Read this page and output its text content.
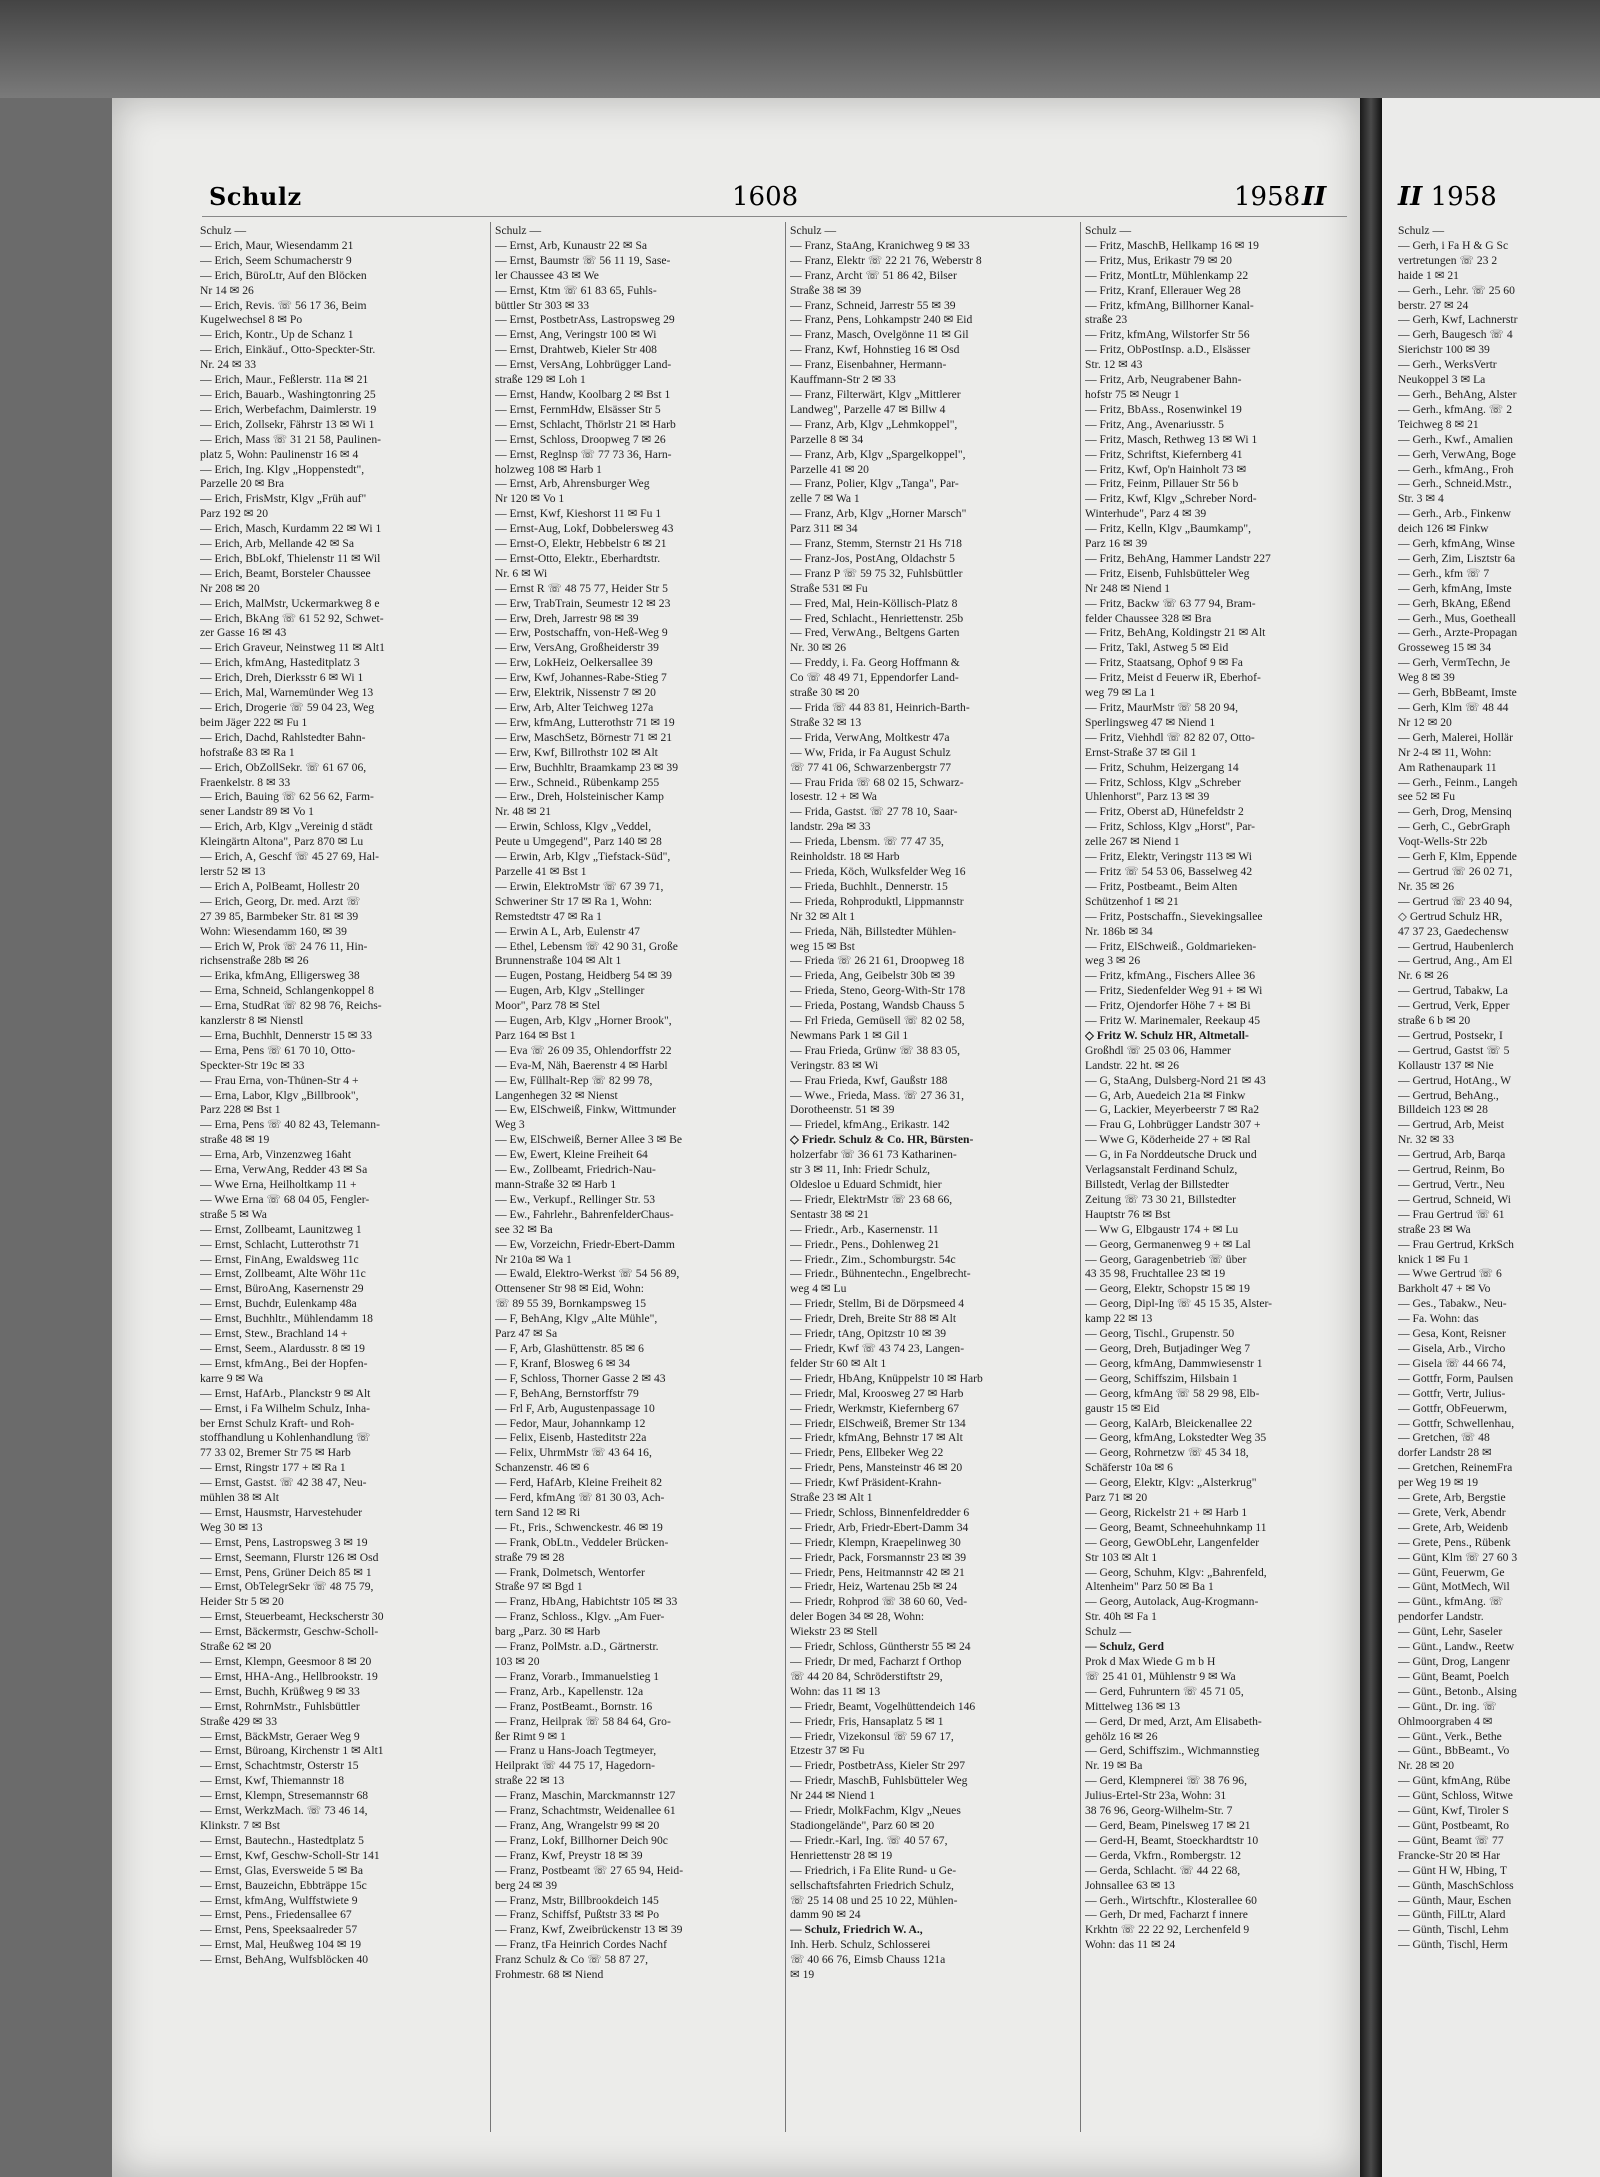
Schulz	1608	1958 II
Schulz —
— Erich, Maur, Wiesendamm 21
— Erich, Seem Schumacherstr 9
— Erich, BüroLtr, Auf den Blöcken
Nr 14 ✉ 26
— Erich, Revis. ☏ 56 17 36, Beim
Kugelwechsel 8 ✉ Po
— Erich, Kontr., Up de Schanz 1
— Erich, Einkäuf., Otto-Speckter-Str.
Nr. 24 ✉ 33
— Erich, Maur., Feßlerstr. 11a ✉ 21
— Erich, Bauarb., Washingtonring 25
— Erich, Werbefachm, Daimlerstr. 19
— Erich, Zollsekr, Fährstr 13 ✉ Wi 1
— Erich, Mass ☏ 31 21 58, Paulinen-
platz 5, Wohn: Paulinenstr 16 ✉ 4
— Erich, Ing. Klgv „Hoppenstedt",
Parzelle 20 ✉ Bra
— Erich, FrisMstr, Klgv „Früh auf"
Parz 192 ✉ 20
— Erich, Masch, Kurdamm 22 ✉ Wi 1
— Erich, Arb, Mellande 42 ✉ Sa
— Erich, BbLokf, Thielenstr 11 ✉ Wil
— Erich, Beamt, Borsteler Chaussee
Nr 208 ✉ 20
— Erich, MalMstr, Uckermarkweg 8 e
— Erich, BkAng ☏ 61 52 92, Schwet-
zer Gasse 16 ✉ 43
— Erich Graveur, Neinstweg 11 ✉ Alt1
— Erich, kfmAng, Hasteditplatz 3
— Erich, Dreh, Dierksstr 6 ✉ Wi 1
— Erich, Mal, Warnemünder Weg 13
— Erich, Drogerie ☏ 59 04 23, Weg
beim Jäger 222 ✉ Fu 1
— Erich, Dachd, Rahlstedter Bahn-
hofstraße 83 ✉ Ra 1
— Erich, ObZollSekr. ☏ 61 67 06,
Fraenkelstr. 8 ✉ 33
— Erich, Bauing ☏ 62 56 62, Farm-
sener Landstr 89 ✉ Vo 1
— Erich, Arb, Klgv „Vereinig d städt
Kleingärtn Altona", Parz 870 ✉ Lu
— Erich, A, Geschf ☏ 45 27 69, Hal-
lerstr 52 ✉ 13
— Erich A, PolBeamt, Hollestr 20
— Erich, Georg, Dr. med. Arzt ☏
27 39 85, Barmbeker Str. 81 ✉ 39
Wohn: Wiesendamm 160, ✉ 39
— Erich W, Prok ☏ 24 76 11, Hin-
richsenstraße 28b ✉ 26
— Erika, kfmAng, Elligersweg 38
— Erna, Schneid, Schlangenkoppel 8
— Erna, StudRat ☏ 82 98 76, Reichs-
kanzlerstr 8 ✉ Nienstl
— Erna, Buchhlt, Dennerstr 15 ✉ 33
— Erna, Pens ☏ 61 70 10, Otto-
Speckter-Str 19c ✉ 33
— Frau Erna, von-Thünen-Str 4 +
— Erna, Labor, Klgv „Billbrook",
Parz 228 ✉ Bst 1
— Erna, Pens ☏ 40 82 43, Telemann-
straße 48 ✉ 19
— Erna, Arb, Vinzenzweg 16aht
— Erna, VerwAng, Redder 43 ✉ Sa
— Wwe Erna, Heilholtkamp 11 +
— Wwe Erna ☏ 68 04 05, Fengler-
straße 5 ✉ Wa
— Ernst, Zollbeamt, Launitzweg 1
— Ernst, Schlacht, Lutterothstr 71
— Ernst, FinAng, Ewaldsweg 11c
— Ernst, Zollbeamt, Alte Wöhr 11c
— Ernst, BüroAng, Kasernenstr 29
— Ernst, Buchdr, Eulenkamp 48a
— Ernst, Buchhltr., Mühlendamm 18
— Ernst, Stew., Brachland 14 +
— Ernst, Seem., Alardusstr. 8 ✉ 19
— Ernst, kfmAng., Bei der Hopfen-
karre 9 ✉ Wa
— Ernst, HafArb., Planckstr 9 ✉ Alt
— Ernst, i Fa Wilhelm Schulz, Inha-
ber Ernst Schulz Kraft- und Roh-
stoffhandlung u Kohlenhandlung ☏
77 33 02, Bremer Str 75 ✉ Harb
— Ernst, Ringstr 177 + ✉ Ra 1
— Ernst, Gastst. ☏ 42 38 47, Neu-
mühlen 38 ✉ Alt
— Ernst, Hausmstr, Harvestehuder
Weg 30 ✉ 13
— Ernst, Pens, Lastropsweg 3 ✉ 19
— Ernst, Seemann, Flurstr 126 ✉ Osd
— Ernst, Pens, Grüner Deich 85 ✉ 1
— Ernst, ObTelegrSekr ☏ 48 75 79,
Heider Str 5 ✉ 20
— Ernst, Steuerbeamt, Heckscherstr 30
— Ernst, Bäckermstr, Geschw-Scholl-
Straße 62 ✉ 20
— Ernst, Klempn, Geesmoor 8 ✉ 20
— Ernst, HHA-Ang., Hellbrookstr. 19
— Ernst, Buchh, Krüßweg 9 ✉ 33
— Ernst, RohrnMstr., Fuhlsbüttler
Straße 429 ✉ 33
— Ernst, BäckMstr, Geraer Weg 9
— Ernst, Büroang, Kirchenstr 1 ✉ Alt1
— Ernst, Schachtmstr, Osterstr 15
— Ernst, Kwf, Thiemannstr 18
— Ernst, Klempn, Stresemannstr 68
— Ernst, WerkzMach. ☏ 73 46 14,
Klinkstr. 7 ✉ Bst
— Ernst, Bautechn., Hastedtplatz 5
— Ernst, Kwf, Geschw-Scholl-Str 141
— Ernst, Glas, Eversweide 5 ✉ Ba
— Ernst, Bauzeichn, Ebbträppe 15c
— Ernst, kfmAng, Wulffstwiete 9
— Ernst, Pens., Friedensallee 67
— Ernst, Pens, Speeksaalreder 57
— Ernst, Mal, Heußweg 104 ✉ 19
— Ernst, BehAng, Wulfsblöcken 40
Schulz —
— Ernst, Arb, Kunaustr 22 ✉ Sa
— Ernst, Baumstr ☏ 56 11 19, Sase-
ler Chaussee 43 ✉ We
— Ernst, Ktm ☏ 61 83 65, Fuhls-
büttler Str 303 ✉ 33
— Ernst, PostbetrAss, Lastropsweg 29
— Ernst, Ang, Veringstr 100 ✉ Wi
— Ernst, Drahtweb, Kieler Str 408
— Ernst, VersAng, Lohbrügger Land-
straße 129 ✉ Loh 1
— Ernst, Handw, Koolbarg 2 ✉ Bst 1
— Ernst, FernmHdw, Elsässer Str 5
— Ernst, Schlacht, Thörlstr 21 ✉ Harb
— Ernst, Schloss, Droopweg 7 ✉ 26
— Ernst, Reglnsp ☏ 77 73 36, Harn-
holzweg 108 ✉ Harb 1
— Ernst, Arb, Ahrensburger Weg
Nr 120 ✉ Vo 1
— Ernst, Kwf, Kieshorst 11 ✉ Fu 1
— Ernst-Aug, Lokf, Dobbelersweg 43
— Ernst-O, Elektr, Hebbelstr 6 ✉ 21
— Ernst-Otto, Elektr., Eberhardtstr.
Nr. 6 ✉ Wi
— Ernst R ☏ 48 75 77, Heider Str 5
— Erw, TrabTrain, Seumestr 12 ✉ 23
— Erw, Dreh, Jarrestr 98 ✉ 39
— Erw, Postschaffn, von-Heß-Weg 9
— Erw, VersAng, Großheiderstr 39
— Erw, LokHeiz, Oelkersallee 39
— Erw, Kwf, Johannes-Rabe-Stieg 7
— Erw, Elektrik, Nissenstr 7 ✉ 20
— Erw, Arb, Alter Teichweg 127a
— Erw, kfmAng, Lutterothstr 71 ✉ 19
— Erw, MaschSetz, Börnestr 71 ✉ 21
— Erw, Kwf, Billrothstr 102 ✉ Alt
— Erw, Buchhltr, Braamkamp 23 ✉ 39
— Erw., Schneid., Rübenkamp 255
— Erw., Dreh, Holsteinischer Kamp
Nr. 48 ✉ 21
— Erwin, Schloss, Klgv „Veddel,
Peute u Umgegend", Parz 140 ✉ 28
— Erwin, Arb, Klgv „Tiefstack-Süd",
Parzelle 41 ✉ Bst 1
— Erwin, ElektroMstr ☏ 67 39 71,
Schweriner Str 17 ✉ Ra 1, Wohn:
Remstedtstr 47 ✉ Ra 1
— Erwin A L, Arb, Eulenstr 47
— Ethel, Lebensm ☏ 42 90 31, Große
Brunnenstraße 104 ✉ Alt 1
— Eugen, Postang, Heidberg 54 ✉ 39
— Eugen, Arb, Klgv „Stellinger
Moor", Parz 78 ✉ Stel
— Eugen, Arb, Klgv „Horner Brook",
Parz 164 ✉ Bst 1
— Eva ☏ 26 09 35, Ohlendorffstr 22
— Eva-M, Näh, Baerenstr 4 ✉ Harbl
— Ew, Füllhalt-Rep ☏ 82 99 78,
Langenhegen 32 ✉ Nienst
— Ew, ElSchweiß, Finkw, Wittmunder
Weg 3
— Ew, ElSchweiß, Berner Allee 3 ✉ Be
— Ew, Ewert, Kleine Freiheit 64
— Ew., Zollbeamt, Friedrich-Nau-
mann-Straße 32 ✉ Harb 1
— Ew., Verkupf., Rellinger Str. 53
— Ew., Fahrlehr., BahrenfelderChaus-
see 32 ✉ Ba
— Ew, Vorzeichn, Friedr-Ebert-Damm
Nr 210a ✉ Wa 1
— Ewald, Elektro-Werkst ☏ 54 56 89,
Ottensener Str 98 ✉ Eid, Wohn:
☏ 89 55 39, Bornkampsweg 15
— F, BehAng, Klgv „Alte Mühle",
Parz 47 ✉ Sa
— F, Arb, Glashüttenstr. 85 ✉ 6
— F, Kranf, Blosweg 6 ✉ 34
— F, Schloss, Thorner Gasse 2 ✉ 43
— F, BehAng, Bernstorffstr 79
— Frl F, Arb, Augustenpassage 10
— Fedor, Maur, Johannkamp 12
— Felix, Eisenb, Hasteditstr 22a
— Felix, UhrmMstr ☏ 43 64 16,
Schanzenstr. 46 ✉ 6
— Ferd, HafArb, Kleine Freiheit 82
— Ferd, kfmAng ☏ 81 30 03, Ach-
tern Sand 12 ✉ Ri
— Ft., Fris., Schwenckestr. 46 ✉ 19
— Frank, ObLtn., Veddeler Brücken-
straße 79 ✉ 28
— Frank, Dolmetsch, Wentorfer
Straße 97 ✉ Bgd 1
— Franz, HbAng, Habichtstr 105 ✉ 33
— Franz, Schloss., Klgv. „Am Fuer-
barg „Parz. 30 ✉ Harb
— Franz, PolMstr. a.D., Gärtnerstr.
103 ✉ 20
— Franz, Vorarb., Immanuelstieg 1
— Franz, Arb., Kapellenstr. 12a
— Franz, PostBeamt., Bornstr. 16
— Franz, Heilprak ☏ 58 84 64, Gro-
ßer Rimt 9 ✉ 1
— Franz u Hans-Joach Tegtmeyer,
Heilprakt ☏ 44 75 17, Hagedorn-
straße 22 ✉ 13
— Franz, Maschin, Marckmannstr 127
— Franz, Schachtmstr, Weidenallee 61
— Franz, Ang, Wrangelstr 99 ✉ 20
— Franz, Lokf, Billhorner Deich 90c
— Franz, Kwf, Preystr 18 ✉ 39
— Franz, Postbeamt ☏ 27 65 94, Heid-
berg 24 ✉ 39
— Franz, Mstr, Billbrookdeich 145
— Franz, Schiffsf, Pußtstr 33 ✉ Po
— Franz, Kwf, Zweibrückenstr 13 ✉ 39
— Franz, tFa Heinrich Cordes Nachf
Franz Schulz & Co ☏ 58 87 27,
Frohmestr. 68 ✉ Niend
Schulz —
— Franz, StaAng, Kranichweg 9 ✉ 33
— Franz, Elektr ☏ 22 21 76, Weberstr 8
— Franz, Archt ☏ 51 86 42, Bilser
Straße 38 ✉ 39
— Franz, Schneid, Jarrestr 55 ✉ 39
— Franz, Pens, Lohkampstr 240 ✉ Eid
— Franz, Masch, Ovelgönne 11 ✉ Gil
— Franz, Kwf, Hohnstieg 16 ✉ Osd
— Franz, Eisenbahner, Hermann-
Kauffmann-Str 2 ✉ 33
— Franz, Filterwärt, Klgv „Mittlerer
Landweg", Parzelle 47 ✉ Billw 4
— Franz, Arb, Klgv „Lehmkoppel",
Parzelle 8 ✉ 34
— Franz, Arb, Klgv „Spargelkoppel",
Parzelle 41 ✉ 20
— Franz, Polier, Klgv „Tanga", Par-
zelle 7 ✉ Wa 1
— Franz, Arb, Klgv „Horner Marsch"
Parz 311 ✉ 34
— Franz, Stemm, Sternstr 21 Hs 718
— Franz-Jos, PostAng, Oldachstr 5
— Franz P ☏ 59 75 32, Fuhlsbüttler
Straße 531 ✉ Fu
— Fred, Mal, Hein-Köllisch-Platz 8
— Fred, Schlacht., Henriettenstr. 25b
— Fred, VerwAng., Beltgens Garten
Nr. 30 ✉ 26
— Freddy, i. Fa. Georg Hoffmann &
Co ☏ 48 49 71, Eppendorfer Land-
straße 30 ✉ 20
— Frida ☏ 44 83 81, Heinrich-Barth-
Straße 32 ✉ 13
— Frida, VerwAng, Moltkestr 47a
— Ww, Frida, ir Fa August Schulz
☏ 77 41 06, Schwarzenbergstr 77
— Frau Frida ☏ 68 02 15, Schwarz-
losestr. 12 + ✉ Wa
— Frida, Gastst. ☏ 27 78 10, Saar-
landstr. 29a ✉ 33
— Frieda, Lbensm. ☏ 77 47 35,
Reinholdstr. 18 ✉ Harb
— Frieda, Köch, Wulksfelder Weg 16
— Frieda, Buchhlt., Dennerstr. 15
— Frieda, Rohproduktl, Lippmannstr
Nr 32 ✉ Alt 1
— Frieda, Näh, Billstedter Mühlen-
weg 15 ✉ Bst
— Frieda ☏ 26 21 61, Droopweg 18
— Frieda, Ang, Geibelstr 30b ✉ 39
— Frieda, Steno, Georg-With-Str 178
— Frieda, Postang, Wandsb Chauss 5
— Frl Frieda, Gemüsell ☏ 82 02 58,
Newmans Park 1 ✉ Gil 1
— Frau Frieda, Grünw ☏ 38 83 05,
Veringstr. 83 ✉ Wi
— Frau Frieda, Kwf, Gaußstr 188
— Wwe., Frieda, Mass. ☏ 27 36 31,
Dorotheenstr. 51 ✉ 39
— Friedel, kfmAng., Erikastr. 142
◇ Friedr. Schulz & Co. HR, Bürsten-
holzerfabr ☏ 36 61 73 Katharinen-
str 3 ✉ 11, Inh: Friedr Schulz,
Oldesloe u Eduard Schmidt, hier
— Friedr, ElektrMstr ☏ 23 68 66,
Sentastr 38 ✉ 21
— Friedr., Arb., Kasernenstr. 11
— Friedr., Pens., Dohlenweg 21
— Friedr., Zim., Schomburgstr. 54c
— Friedr., Bühnentechn., Engelbrecht-
weg 4 ✉ Lu
— Friedr, Stellm, Bi de Dörpsmeed 4
— Friedr, Dreh, Breite Str 88 ✉ Alt
— Friedr, tAng, Opitzstr 10 ✉ 39
— Friedr, Kwf ☏ 43 74 23, Langen-
felder Str 60 ✉ Alt 1
— Friedr, HbAng, Knüppelstr 10 ✉ Harb
— Friedr, Mal, Kroosweg 27 ✉ Harb
— Friedr, Werkmstr, Kiefernberg 67
— Friedr, ElSchweiß, Bremer Str 134
— Friedr, kfmAng, Behnstr 17 ✉ Alt
— Friedr, Pens, Ellbeker Weg 22
— Friedr, Pens, Mansteinstr 46 ✉ 20
— Friedr, Kwf Präsident-Krahn-
Straße 23 ✉ Alt 1
— Friedr, Schloss, Binnenfeldredder 6
— Friedr, Arb, Friedr-Ebert-Damm 34
— Friedr, Klempn, Kraepelinweg 30
— Friedr, Pack, Forsmannstr 23 ✉ 39
— Friedr, Pens, Heitmannstr 42 ✉ 21
— Friedr, Heiz, Wartenau 25b ✉ 24
— Friedr, Rohprod ☏ 38 60 60, Ved-
deler Bogen 34 ✉ 28, Wohn:
Wiekstr 23 ✉ Stell
— Friedr, Schloss, Güntherstr 55 ✉ 24
— Friedr, Dr med, Facharzt f Orthop
☏ 44 20 84, Schröderstiftstr 29,
Wohn: das 11 ✉ 13
— Friedr, Beamt, Vogelhüttendeich 146
— Friedr, Fris, Hansaplatz 5 ✉ 1
— Friedr, Vizekonsul ☏ 59 67 17,
Etzestr 37 ✉ Fu
— Friedr, PostbetrAss, Kieler Str 297
— Friedr, MaschB, Fuhlsbütteler Weg
Nr 244 ✉ Niend 1
— Friedr, MolkFachm, Klgv „Neues
Stadiongelände", Parz 60 ✉ 20
— Friedr.-Karl, Ing. ☏ 40 57 67,
Henriettenstr 28 ✉ 19
— Friedrich, i Fa Elite Rund- u Ge-
sellschaftsfahrten Friedrich Schulz,
☏ 25 14 08 und 25 10 22, Mühlen-
damm 90 ✉ 24
— Schulz, Friedrich W. A.,
Inh. Herb. Schulz, Schlosserei
☏ 40 66 76, Eimsb Chauss 121a
✉ 19
Schulz —
— Fritz, MaschB, Hellkamp 16 ✉ 19
— Fritz, Mus, Erikastr 79 ✉ 20
— Fritz, MontLtr, Mühlenkamp 22
— Fritz, Kranf, Ellerauer Weg 28
— Fritz, kfmAng, Billhorner Kanal-
straße 23
— Fritz, kfmAng, Wilstorfer Str 56
— Fritz, ObPostInsp. a.D., Elsässer
Str. 12 ✉ 43
— Fritz, Arb, Neugrabener Bahn-
hofstr 75 ✉ Neugr 1
— Fritz, BbAss., Rosenwinkel 19
— Fritz, Ang., Avenariusstr. 5
— Fritz, Masch, Rethweg 13 ✉ Wi 1
— Fritz, Schriftst, Kiefernberg 41
— Fritz, Kwf, Op'n Hainholt 73 ✉
— Fritz, Feinm, Pillauer Str 56 b
— Fritz, Kwf, Klgv „Schreber Nord-
Winterhude", Parz 4 ✉ 39
— Fritz, Kelln, Klgv „Baumkamp",
Parz 16 ✉ 39
— Fritz, BehAng, Hammer Landstr 227
— Fritz, Eisenb, Fuhlsbütteler Weg
Nr 248 ✉ Niend 1
— Fritz, Backw ☏ 63 77 94, Bram-
felder Chaussee 328 ✉ Bra
— Fritz, BehAng, Koldingstr 21 ✉ Alt
— Fritz, Takl, Astweg 5 ✉ Eid
— Fritz, Staatsang, Ophof 9 ✉ Fa
— Fritz, Meist d Feuerw iR, Eberhof-
weg 79 ✉ La 1
— Fritz, MaurMstr ☏ 58 20 94,
Sperlingsweg 47 ✉ Niend 1
— Fritz, Viehhdl ☏ 82 82 07, Otto-
Ernst-Straße 37 ✉ Gil 1
— Fritz, Schuhm, Heizergang 14
— Fritz, Schloss, Klgv „Schreber
Uhlenhorst", Parz 13 ✉ 39
— Fritz, Oberst aD, Hünefeldstr 2
— Fritz, Schloss, Klgv „Horst", Par-
zelle 267 ✉ Niend 1
— Fritz, Elektr, Veringstr 113 ✉ Wi
— Fritz ☏ 54 53 06, Basselweg 42
— Fritz, Postbeamt., Beim Alten
Schützenhof 1 ✉ 21
— Fritz, Postschaffn., Sievekingsallee
Nr. 186b ✉ 34
— Fritz, ElSchweiß., Goldmarieken-
weg 3 ✉ 26
— Fritz, kfmAng., Fischers Allee 36
— Fritz, Siedenfelder Weg 91 + ✉ Wi
— Fritz, Ojendorfer Höhe 7 + ✉ Bi
— Fritz W. Marinemaler, Reekaup 45
◇ Fritz W. Schulz HR, Altmetall-
Großhdl ☏ 25 03 06, Hammer
Landstr. 22 ht. ✉ 26
— G, StaAng, Dulsberg-Nord 21 ✉ 43
— G, Arb, Auedeich 21a ✉ Finkw
— G, Lackier, Meyerbeerstr 7 ✉ Ra2
— Frau G, Lohbrügger Landstr 307 +
— Wwe G, Köderheide 27 + ✉ Ral
— G, in Fa Norddeutsche Druck und
Verlagsanstalt Ferdinand Schulz,
Billstedt, Verlag der Billstedter
Zeitung ☏ 73 30 21, Billstedter
Hauptstr 76 ✉ Bst
— Ww G, Elbgaustr 174 + ✉ Lu
— Georg, Germanenweg 9 + ✉ Lal
— Georg, Garagenbetrieb ☏ über
43 35 98, Fruchtallee 23 ✉ 19
— Georg, Elektr, Schopstr 15 ✉ 19
— Georg, Dipl-Ing ☏ 45 15 35, Alster-
kamp 22 ✉ 13
— Georg, Tischl., Grupenstr. 50
— Georg, Dreh, Butjadinger Weg 7
— Georg, kfmAng, Dammwiesenstr 1
— Georg, Schiffszim, Hilsbain 1
— Georg, kfmAng ☏ 58 29 98, Elb-
gaustr 15 ✉ Eid
— Georg, KalArb, Bleickenallee 22
— Georg, kfmAng, Lokstedter Weg 35
— Georg, Rohrnetzw ☏ 45 34 18,
Schäferstr 10a ✉ 6
— Georg, Elektr, Klgv: „Alsterkrug"
Parz 71 ✉ 20
— Georg, Rickelstr 21 + ✉ Harb 1
— Georg, Beamt, Schneehuhnkamp 11
— Georg, GewObLehr, Langenfelder
Str 103 ✉ Alt 1
— Georg, Schuhm, Klgv: „Bahrenfeld,
Altenheim" Parz 50 ✉ Ba 1
— Georg, Autolack, Aug-Krogmann-
Str. 40h ✉ Fa 1
Schulz —
— Schulz, Gerd
Prok d Max Wiede G m b H
☏ 25 41 01, Mühlenstr 9 ✉ Wa
— Gerd, Fuhruntern ☏ 45 71 05,
Mittelweg 136 ✉ 13
— Gerd, Dr med, Arzt, Am Elisabeth-
gehölz 16 ✉ 26
— Gerd, Schiffszim., Wichmannstieg
Nr. 19 ✉ Ba
— Gerd, Klempnerei ☏ 38 76 96,
Julius-Ertel-Str 23a, Wohn: 31
38 76 96, Georg-Wilhelm-Str. 7
— Gerd, Beam, Pinelsweg 17 ✉ 21
— Gerd-H, Beamt, Stoeckhardtstr 10
— Gerda, Vkfrn., Rombergstr. 12
— Gerda, Schlacht. ☏ 44 22 68,
Johnsallee 63 ✉ 13
— Gerh., Wirtschftr., Klosterallee 60
— Gerh, Dr med, Facharzt f innere
Krkhtn ☏ 22 22 92, Lerchenfeld 9
Wohn: das 11 ✉ 24
II 1958
Schulz —
— Gerh, i Fa H & G Sc
vertretungen ☏ 23 2
haide 1 ✉ 21
— Gerh., Lehr. ☏ 25 60
berstr. 27 ✉ 24
— Gerh, Kwf, Lachnerstr
— Gerh, Baugesch ☏ 4
Sierichstr 100 ✉ 39
— Gerh., WerksVertr
Neukoppel 3 ✉ La
— Gerh., BehAng, Alster
— Gerh., kfmAng. ☏ 2
Teichweg 8 ✉ 21
— Gerh., Kwf., Amalien
— Gerh, VerwAng, Boge
— Gerh., kfmAng., Froh
— Gerh., Schneid.Mstr.,
Str. 3 ✉ 4
— Gerh., Arb., Finkenw
deich 126 ✉ Finkw
— Gerh, kfmAng, Winse
— Gerh, Zim, Lisztstr 6a
— Gerh., kfm ☏ 7
— Gerh, kfmAng, Imste
— Gerh, BkAng, Eßend
— Gerh., Mus, Goetheall
— Gerh., Arzte-Propagan
Grosseweg 15 ✉ 34
— Gerh, VermTechn, Je
Weg 8 ✉ 39
— Gerh, BbBeamt, Imste
— Gerh, Klm ☏ 48 44
Nr 12 ✉ 20
— Gerh, Malerei, Hollär
Nr 2-4 ✉ 11, Wohn:
Am Rathenaupark 11
— Gerh., Feinm., Langeh
see 52 ✉ Fu
— Gerh, Drog, Mensinq
— Gerh, C., GebrGraph
Voqt-Wells-Str 22b
— Gerh F, Klm, Eppende
— Gertrud ☏ 26 02 71,
Nr. 35 ✉ 26
— Gertrud ☏ 23 40 94,
◇ Gertrud Schulz HR,
47 37 23, Gaedechensw
— Gertrud, Haubenlerch
— Gertrud, Ang., Am El
Nr. 6 ✉ 26
— Gertrud, Tabakw, La
— Gertrud, Verk, Epper
straße 6 b ✉ 20
— Gertrud, Postsekr, I
— Gertrud, Gastst ☏ 5
Kollaustr 137 ✉ Nie
— Gertrud, HotAng., W
— Gertrud, BehAng.,
Billdeich 123 ✉ 28
— Gertrud, Arb, Meist
Nr. 32 ✉ 33
— Gertrud, Arb, Barqa
— Gertrud, Reinm, Bo
— Gertrud, Vertr., Neu
— Gertrud, Schneid, Wi
— Frau Gertrud ☏ 61
straße 23 ✉ Wa
— Frau Gertrud, KrkSch
knick 1 ✉ Fu 1
— Wwe Gertrud ☏ 6
Barkholt 47 + ✉ Vo
— Ges., Tabakw., Neu-
— Fa. Wohn: das
— Gesa, Kont, Reisner
— Gisela, Arb., Vircho
— Gisela ☏ 44 66 74,
— Gottfr, Form, Paulsen
— Gottfr, Vertr, Julius-
— Gottfr, ObFeuerwm,
— Gottfr, Schwellenhau,
— Gretchen, ☏ 48
dorfer Landstr 28 ✉
— Gretchen, ReinemFra
per Weg 19 ✉ 19
— Grete, Arb, Bergstie
— Grete, Verk, Abendr
— Grete, Arb, Weidenb
— Grete, Pens., Rübenk
— Günt, Klm ☏ 27 60 3
— Günt, Feuerwm, Ge
— Günt, MotMech, Wil
— Günt., kfmAng. ☏
pendorfer Landstr.
— Günt, Lehr, Saseler
— Günt., Landw., Reetw
— Günt, Drog, Langenr
— Günt, Beamt, Poelch
— Günt., Betonb., Alsing
— Günt., Dr. ing. ☏
Ohlmoorgraben 4 ✉
— Günt., Verk., Bethe
— Günt., BbBeamt., Vo
Nr. 28 ✉ 20
— Günt, kfmAng, Rübe
— Günt, Schloss, Witwe
— Günt, Kwf, Tiroler S
— Günt, Postbeamt, Ro
— Günt, Beamt ☏ 77
Francke-Str 20 ✉ Har
— Günt H W, Hbing, T
— Günth, MaschSchloss
— Günth, Maur, Eschen
— Günth, FilLtr, Alard
— Günth, Tischl, Lehm
— Günth, Tischl, Herm
